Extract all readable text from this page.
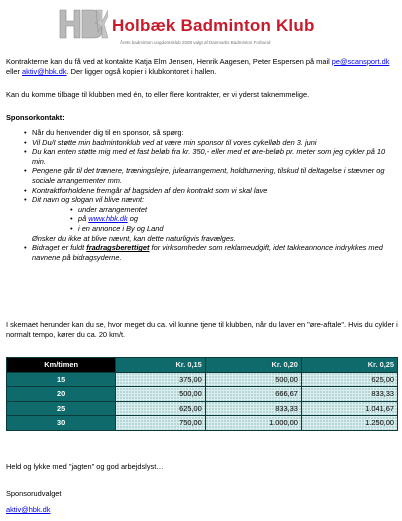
Holbæk Badminton Klub
Årets badminton ungdomsklub 2008 valgt af Danmarks Badminton Forbund
Kontrakterne kan du få ved at kontakte Katja Elm Jensen, Henrik Aagesen, Peter Espersen på mail pe@scansport.dk eller aktiv@hbk.dk. Der ligger også kopier i klubkontoret i hallen.
Kan du komme tilbage til klubben med én, to eller flere kontrakter, er vi yderst taknemmelige.
Sponsorkontakt:
• Når du henvender dig til en sponsor, så spørg:
• Vil Du/I støtte min badmintonklub ved at være min sponsor til vores cykelløb den 3. juni
• Du kan enten støtte mig med et fast beløb fra kr. 350,- eller med et øre-beløb pr. meter som jeg cykler på 10 min.
• Pengene går til det trænere, træningslejre, julearrangement, holdturnering, tilskud til deltagelse i stævner og sociale arrangementer mm.
• Kontraktforholdene fremgår af bagsiden af den kontrakt som vi skal lave
• Dit navn og slogan vil blive nævnt:
• under arrangementet
• på www.hbk.dk og
• i en annonce i By og Land
Ønsker du ikke at blive nævnt, kan dette naturligvis fravælges.
• Bidraget er fuldt fradragsberettiget for virksomheder som reklameudgift, idet takkeannonce indrykkes med navnene på bidragsyderne.
I skemaet herunder kan du se, hvor meget du ca. vil kunne tjene til klubben, når du laver en "øre-aftale". Hvis du cykler i normalt tempo, kører du ca. 20 km/t.
Km/timen	Kr. 0,15	Kr. 0,20	Kr. 0,25
15	375,00	500,00	625,00
20	500,00	666,67	833,33
25	625,00	833,33	1.041,67
30	750,00	1.000,00	1.250,00
Held og lykke med "jagten" og god arbejdslyst…
Sponsorudvalget
aktiv@hbk.dk
